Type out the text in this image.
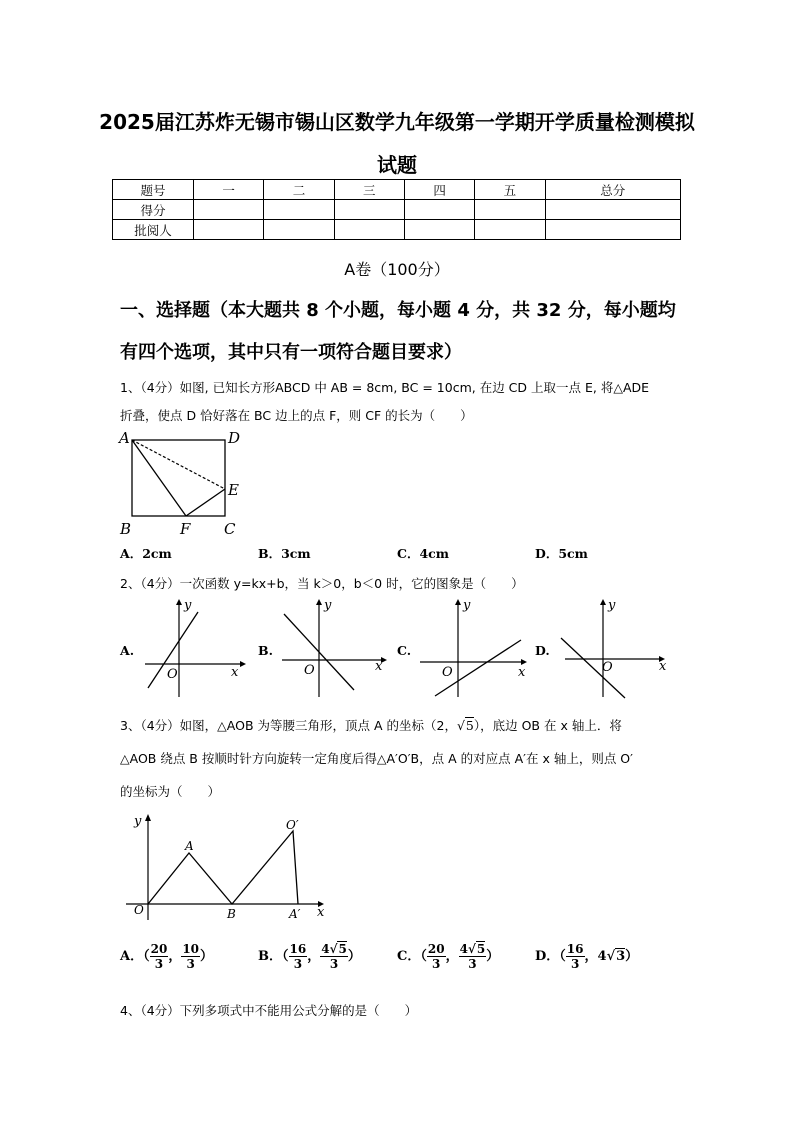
2025届江苏炸无锡市锡山区数学九年级第一学期开学质量检测模拟
试题
题号	一	二	三	四	五	总分
得分						
批阅人						
A卷（100分）
一、选择题（本大题共 8 个小题，每小题 4 分，共 32 分，每小题均
有四个选项，其中只有一项符合题目要求）
1、（4分）如图, 已知长方形ABCD 中 AB = 8cm, BC = 10cm, 在边 CD 上取一点 E, 将△ADE
折叠，使点 D 恰好落在 BC 边上的点 F，则 CF 的长为（　　）
A	D
E
B	F C
A．2cm	B．3cm	C．4cm	D．5cm
2、（4分）一次函数 y=kx+b，当 k＞0，b＜0 时，它的图象是（　　）
A.
y
x
O
B.
y
x
O
C.
y
x
O
D.
y
x
O
3、（4分）如图，△AOB 为等腰三角形，顶点 A 的坐标（2，√5），底边 OB 在 x 轴上．将
△AOB 绕点 B 按顺时针方向旋转一定角度后得△A′O′B，点 A 的对应点 A′在 x 轴上，则点 O′
的坐标为（　　）
y
x
O
A
B
O′
A′
A．（ $\frac{20}{3}$ ， $\frac{10}{3}$ ）	B．（ $\frac{16}{3}$ ， $\frac{4√5}{3}$ ）	C．（ $\frac{20}{3}$ ， $\frac{4√5}{3}$ ）	D．（ $\frac{16}{3}$ ，4√3）
4、（4分）下列多项式中不能用公式分解的是（　　）
